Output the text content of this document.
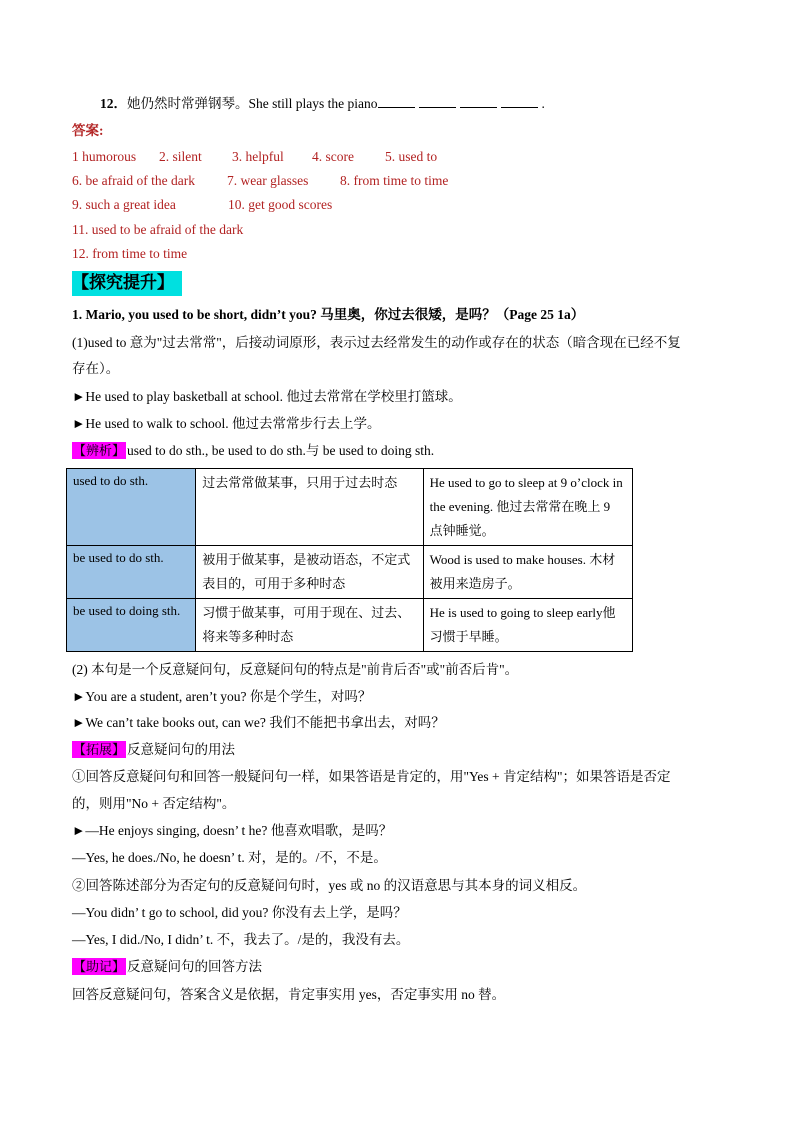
12．她仍然时常弹钢琴。She still plays the piano	.
答案:
1 humorous 2. silent 3. helpful 4. score 5. used to
6. be afraid of the dark 7. wear glasses 8. from time to time
9. such a great idea	10. get good scores
11. used to be afraid of the dark
12. from time to time
【探究提升】
1. Mario, you used to be short, didn’t you? 马里奥，你过去很矮，是吗？（Page 25 1a）
(1)used to 意为"过去常常"，后接动词原形，表示过去经常发生的动作或存在的状态（暗含现在已经不复
存在）。
►He used to play basketball at school. 他过去常常在学校里打篮球。
►He used to walk to school. 他过去常常步行去上学。
【辨析】 used to do sth., be used to do sth.与 be used to doing sth.
used to do sth.	过去常常做某事，只用于过去时态	He used to go to sleep at 9 o’clock in the evening. 他过去常常在晚上 9 点钟睡觉。
be used to do sth.	被用于做某事，是被动语态，不定式表目的，可用于多种时态	Wood is used to make houses. 木材被用来造房子。
be used to doing sth.	习惯于做某事，可用于现在、过去、将来等多种时态	He is used to going to sleep early他习惯于早睡。
(2) 本句是一个反意疑问句，反意疑问句的特点是"前肯后否"或"前否后肯"。
►You are a student, aren’t you? 你是个学生，对吗？
►We can’t take books out, can we? 我们不能把书拿出去，对吗？
【拓展】 反意疑问句的用法
①回答反意疑问句和回答一般疑问句一样，如果答语是肯定的，用"Yes + 肯定结构"；如果答语是否定
的，则用"No + 否定结构"。
►—He enjoys singing, doesn’ t he? 他喜欢唱歌，是吗？
—Yes, he does./No, he doesn’ t. 对，是的。/不，不是。
②回答陈述部分为否定句的反意疑问句时，yes 或 no 的汉语意思与其本身的词义相反。
—You didn’ t go to school, did you? 你没有去上学，是吗？
—Yes, I did./No, I didn’ t. 不，我去了。/是的，我没有去。
【助记】 反意疑问句的回答方法
回答反意疑问句，答案含义是依据，肯定事实用 yes，否定事实用 no 替。
